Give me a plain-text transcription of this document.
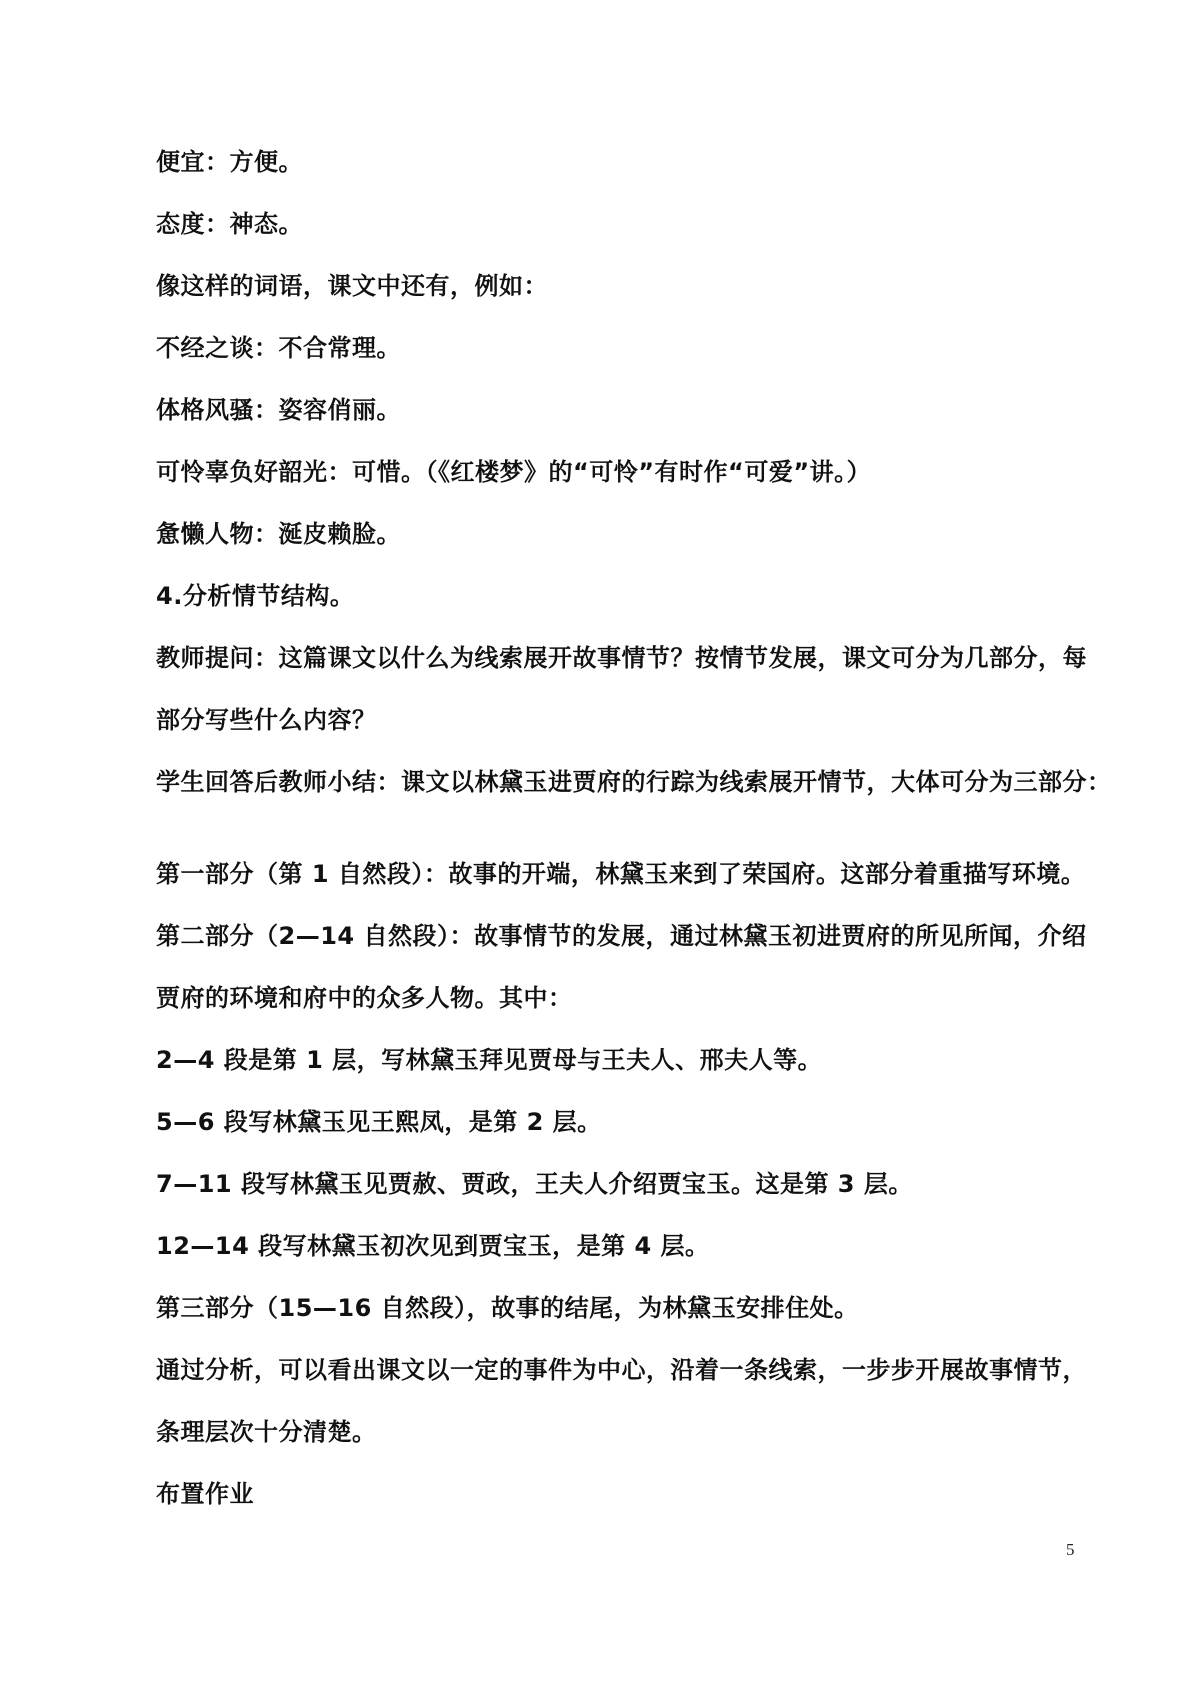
便宜：方便。
态度：神态。
像这样的词语，课文中还有，例如：
不经之谈：不合常理。
体格风骚：姿容俏丽。
可怜辜负好韶光：可惜。（《红楼梦》的“可怜”有时作“可爱”讲。）
惫懒人物：涎皮赖脸。
4.分析情节结构。
教师提问：这篇课文以什么为线索展开故事情节？按情节发展，课文可分为几部分，每
部分写些什么内容？
学生回答后教师小结：课文以林黛玉进贾府的行踪为线索展开情节，大体可分为三部分：
第一部分（第 1 自然段）：故事的开端，林黛玉来到了荣国府。这部分着重描写环境。
第二部分（2—14 自然段）：故事情节的发展，通过林黛玉初进贾府的所见所闻，介绍
贾府的环境和府中的众多人物。其中：
2—4 段是第 1 层，写林黛玉拜见贾母与王夫人、邢夫人等。
5—6 段写林黛玉见王熙凤，是第 2 层。
7—11 段写林黛玉见贾赦、贾政，王夫人介绍贾宝玉。这是第 3 层。
12—14 段写林黛玉初次见到贾宝玉，是第 4 层。
第三部分（15—16 自然段），故事的结尾，为林黛玉安排住处。
通过分析，可以看出课文以一定的事件为中心，沿着一条线索，一步步开展故事情节，
条理层次十分清楚。
布置作业
5
